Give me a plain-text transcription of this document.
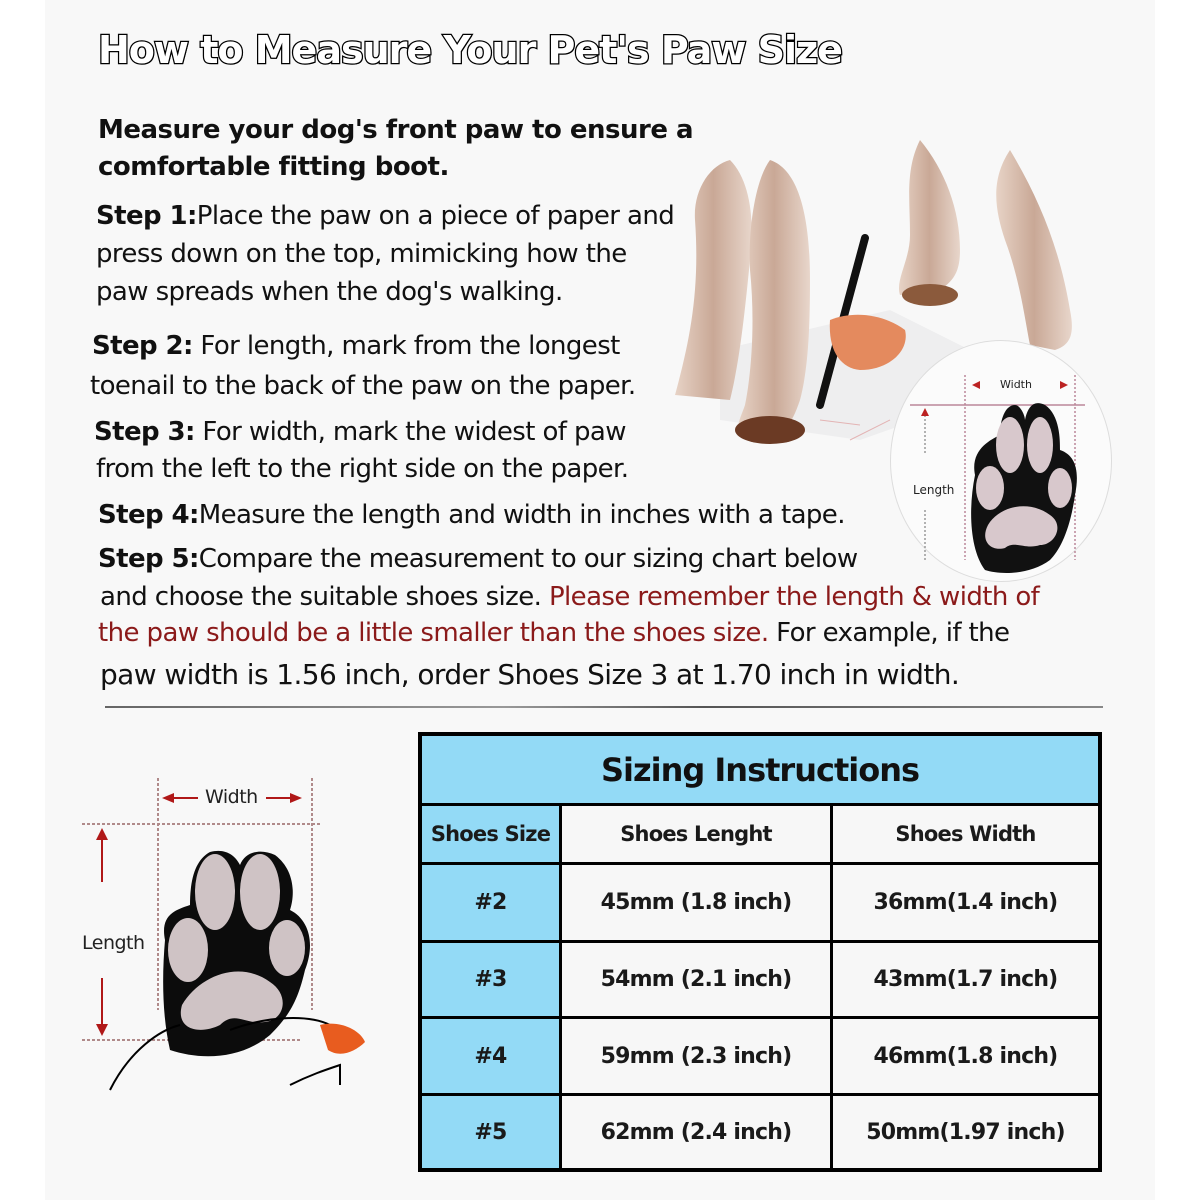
How to Measure Your Pet's Paw Size
Measure your dog's front paw to ensure a comfortable fitting boot.
Step 1:Place the paw on a piece of paper and
press down on the top, mimicking how the
paw spreads when the dog's walking.
Step 2: For length, mark from the longest
toenail to the back of the paw on the paper.
Step 3: For width, mark the widest of paw
from the left to the right side on the paper.
Step 4:Measure the length and width in inches with a tape.
Step 5:Compare the measurement to our sizing chart below
and choose the suitable shoes size. Please remember the length & width of
the paw should be a little smaller than the shoes size. For example, if the
paw width is 1.56 inch, order Shoes Size 3 at 1.70 inch in width.
Width
Length
Width
Length
Sizing Instructions
Shoes Size	Shoes Lenght	Shoes Width
#2	45mm (1.8 inch)	36mm(1.4 inch)
#3	54mm (2.1 inch)	43mm(1.7 inch)
#4	59mm (2.3 inch)	46mm(1.8 inch)
#5	62mm (2.4 inch)	50mm(1.97 inch)
